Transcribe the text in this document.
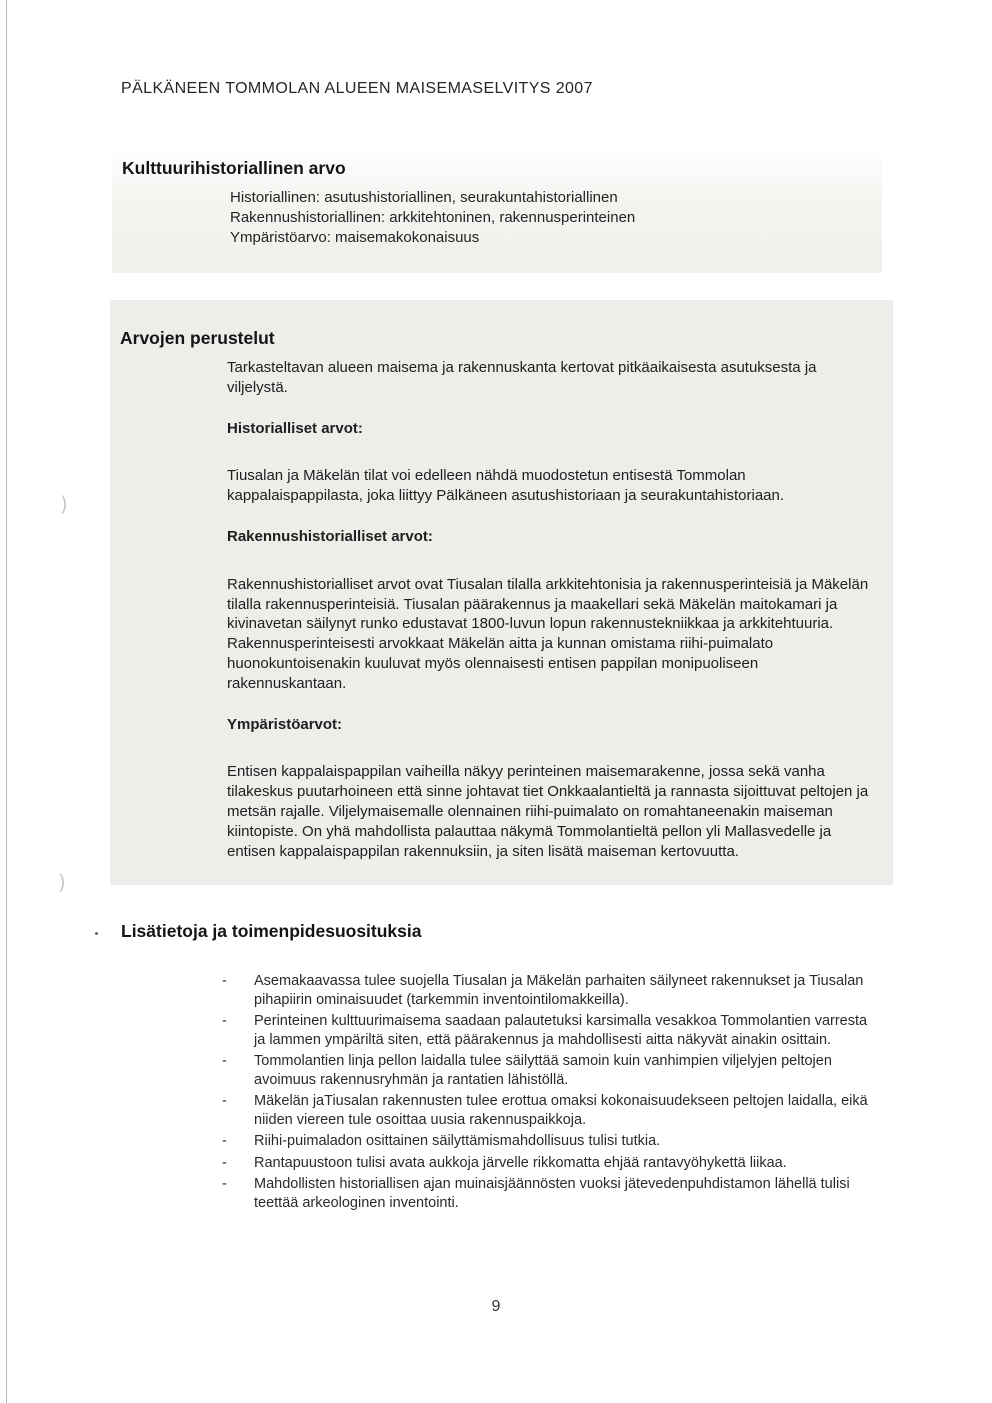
PÄLKÄNEEN TOMMOLAN ALUEEN MAISEMASELVITYS 2007
Kulttuurihistoriallinen arvo
Historiallinen: asutushistoriallinen, seurakuntahistoriallinen
Rakennushistoriallinen: arkkitehtoninen, rakennusperinteinen
Ympäristöarvo: maisemakokonaisuus
Arvojen perustelut

Tarkasteltavan alueen maisema ja rakennuskanta kertovat pitkäaikaisesta asutuksesta ja viljelystä.

Historialliset arvot:

Tiusalan ja Mäkelän tilat voi edelleen nähdä muodostetun entisestä Tommolan kappalaispappilasta, joka liittyy Pälkäneen asutushistoriaan ja seurakuntahistoriaan.

Rakennushistorialliset arvot:

Rakennushistorialliset arvot ovat Tiusalan tilalla arkkitehtonisia ja rakennusperinteisiä ja Mäkelän tilalla rakennusperinteisiä. Tiusalan päärakennus ja maakellari sekä Mäkelän maitokamari ja kivinavetan säilynyt runko edustavat 1800-luvun lopun rakennustekniikkaa ja arkkitehtuuria. Rakennusperinteisesti arvokkaat Mäkelän aitta ja kunnan omistama riihi-puimalato huonokuntoisenakin kuuluvat myös olennaisesti entisen pappilan monipuoliseen rakennuskantaan.

Ympäristöarvot:

Entisen kappalaispappilan vaiheilla näkyy perinteinen maisemarakenne, jossa sekä vanha tilakeskus puutarhoineen että sinne johtavat tiet Onkkaalantieltä ja rannasta sijoittuvat peltojen ja metsän rajalle. Viljelymaisemalle olennainen riihi-puimalato on romahtaneenakin maiseman kiintopiste. On yhä mahdollista palauttaa näkymä Tommolantieltä pellon yli Mallasvedelle ja entisen kappalaispappilan rakennuksiin, ja siten lisätä maiseman kertovuutta.

)
)
Lisätietoja ja toimenpidesuosituksia
- Asemakaavassa tulee suojella Tiusalan ja Mäkelän parhaiten säilyneet rakennukset ja Tiusalan pihapiirin ominaisuudet (tarkemmin inventointilomakkeilla).
- Perinteinen kulttuurimaisema saadaan palautetuksi karsimalla vesakkoa Tommolantien varresta ja lammen ympäriltä siten, että päärakennus ja mahdollisesti aitta näkyvät ainakin osittain.
- Tommolantien linja pellon laidalla tulee säilyttää samoin kuin vanhimpien viljelyjen peltojen avoimuus rakennusryhmän ja rantatien lähistöllä.
- Mäkelän jaTiusalan rakennusten tulee erottua omaksi kokonaisuudekseen peltojen laidalla, eikä niiden viereen tule osoittaa uusia rakennuspaikkoja.
- Riihi-puimaladon osittainen säilyttämismahdollisuus tulisi tutkia.
- Rantapuustoon tulisi avata aukkoja järvelle rikkomatta ehjää rantavyöhykettä liikaa.
- Mahdollisten historiallisen ajan muinaisjäännösten vuoksi jätevedenpuhdistamon lähellä tulisi teettää arkeologinen inventointi.
9
